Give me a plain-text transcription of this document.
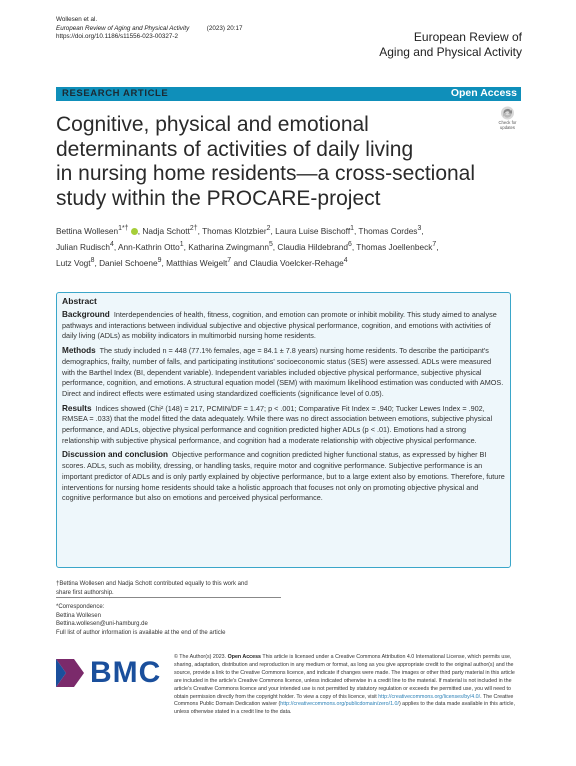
Wollesen et al.
European Review of Aging and Physical Activity	(2023) 20:17
https://doi.org/10.1186/s11556-023-00327-2	European Review of
Aging and Physical Activity
RESEARCH ARTICLE	Open Access
Check for
updates
Cognitive, physical and emotional
determinants of activities of daily living
in nursing home residents—a cross-sectional
study within the PROCARE-project
Bettina Wollesen$^{1*\dagger}$ , Nadja Schott$^{2\dagger}$, Thomas Klotzbier$^2$, Laura Luise Bischoff$^1$, Thomas Cordes$^3$,
Julian Rudisch$^4$, Ann-Kathrin Otto$^1$, Katharina Zwingmann$^5$, Claudia Hildebrand$^6$, Thomas Joellenbeck$^7$,
Lutz Vogt$^8$, Daniel Schoene$^9$, Matthias Weigelt$^7$ and Claudia Voelcker-Rehage$^4$
Abstract

Background Interdependencies of health, fitness, cognition, and emotion can promote or inhibit mobility. This study aimed to analyse pathways and interactions between individual subjective and objective physical performance, cognition, and emotions with activities of daily living (ADLs) as mobility indicators in multimorbid nursing home residents.

Methods The study included n = 448 (77.1% females, age = 84.1 ± 7.8 years) nursing home residents. To describe the participant's demographics, frailty, number of falls, and participating institutions' socioeconomic status (SES) were assessed. ADLs were measured with the Barthel Index (BI, dependent variable). Independent variables included objective physical performance, subjective physical performance, cognition, and emotions. A structural equation model (SEM) with maximum likelihood estimation was conducted with AMOS. Direct and indirect effects were estimated using standardized coefficients (significance level of 0.05).

Results Indices showed (Chi² (148) = 217, PCMIN/DF = 1.47; p < .001; Comparative Fit Index = .940; Tucker Lewes Index = .902, RMSEA = .033) that the model fitted the data adequately. While there was no direct association between emotions, subjective physical performance, and ADLs, objective physical performance and cognition predicted higher ADLs (p < .01). Emotions had a strong relationship with subjective physical performance, and cognition had a moderate relationship with objective physical performance.

Discussion and conclusion Objective performance and cognition predicted higher functional status, as expressed by higher BI scores. ADLs, such as mobility, dressing, or handling tasks, require motor and cognitive performance. Subjective performance is an important predictor of ADLs and is only partly explained by objective performance, but to a large extent also by emotions. Therefore, future interventions for nursing home residents should take a holistic approach that focuses not only on promoting objective physical and cognitive performance but also on emotions and perceived physical performance.

†Bettina Wollesen and Nadja Schott contributed equally to this work and
share first authorship.
*Correspondence:
Bettina Wollesen
Bettina.wollesen@uni-hamburg.de
Full list of author information is available at the end of the article
BMC © The Author(s) 2023. Open Access This article is licensed under a Creative Commons Attribution 4.0 International License, which permits use, sharing, adaptation, distribution and reproduction in any medium or format, as long as you give appropriate credit to the original author(s) and the source, provide a link to the Creative Commons licence, and indicate if changes were made. The images or other third party material in this article are included in the article's Creative Commons licence, unless indicated otherwise in a credit line to the material. If material is not included in the article's Creative Commons licence and your intended use is not permitted by statutory regulation or exceeds the permitted use, you will need to obtain permission directly from the copyright holder. To view a copy of this licence, visit http://creativecommons.org/licenses/by/4.0/. The Creative Commons Public Domain Dedication waiver (http://creativecommons.org/publicdomain/zero/1.0/) applies to the data made available in this article, unless otherwise stated in a credit line to the data.
